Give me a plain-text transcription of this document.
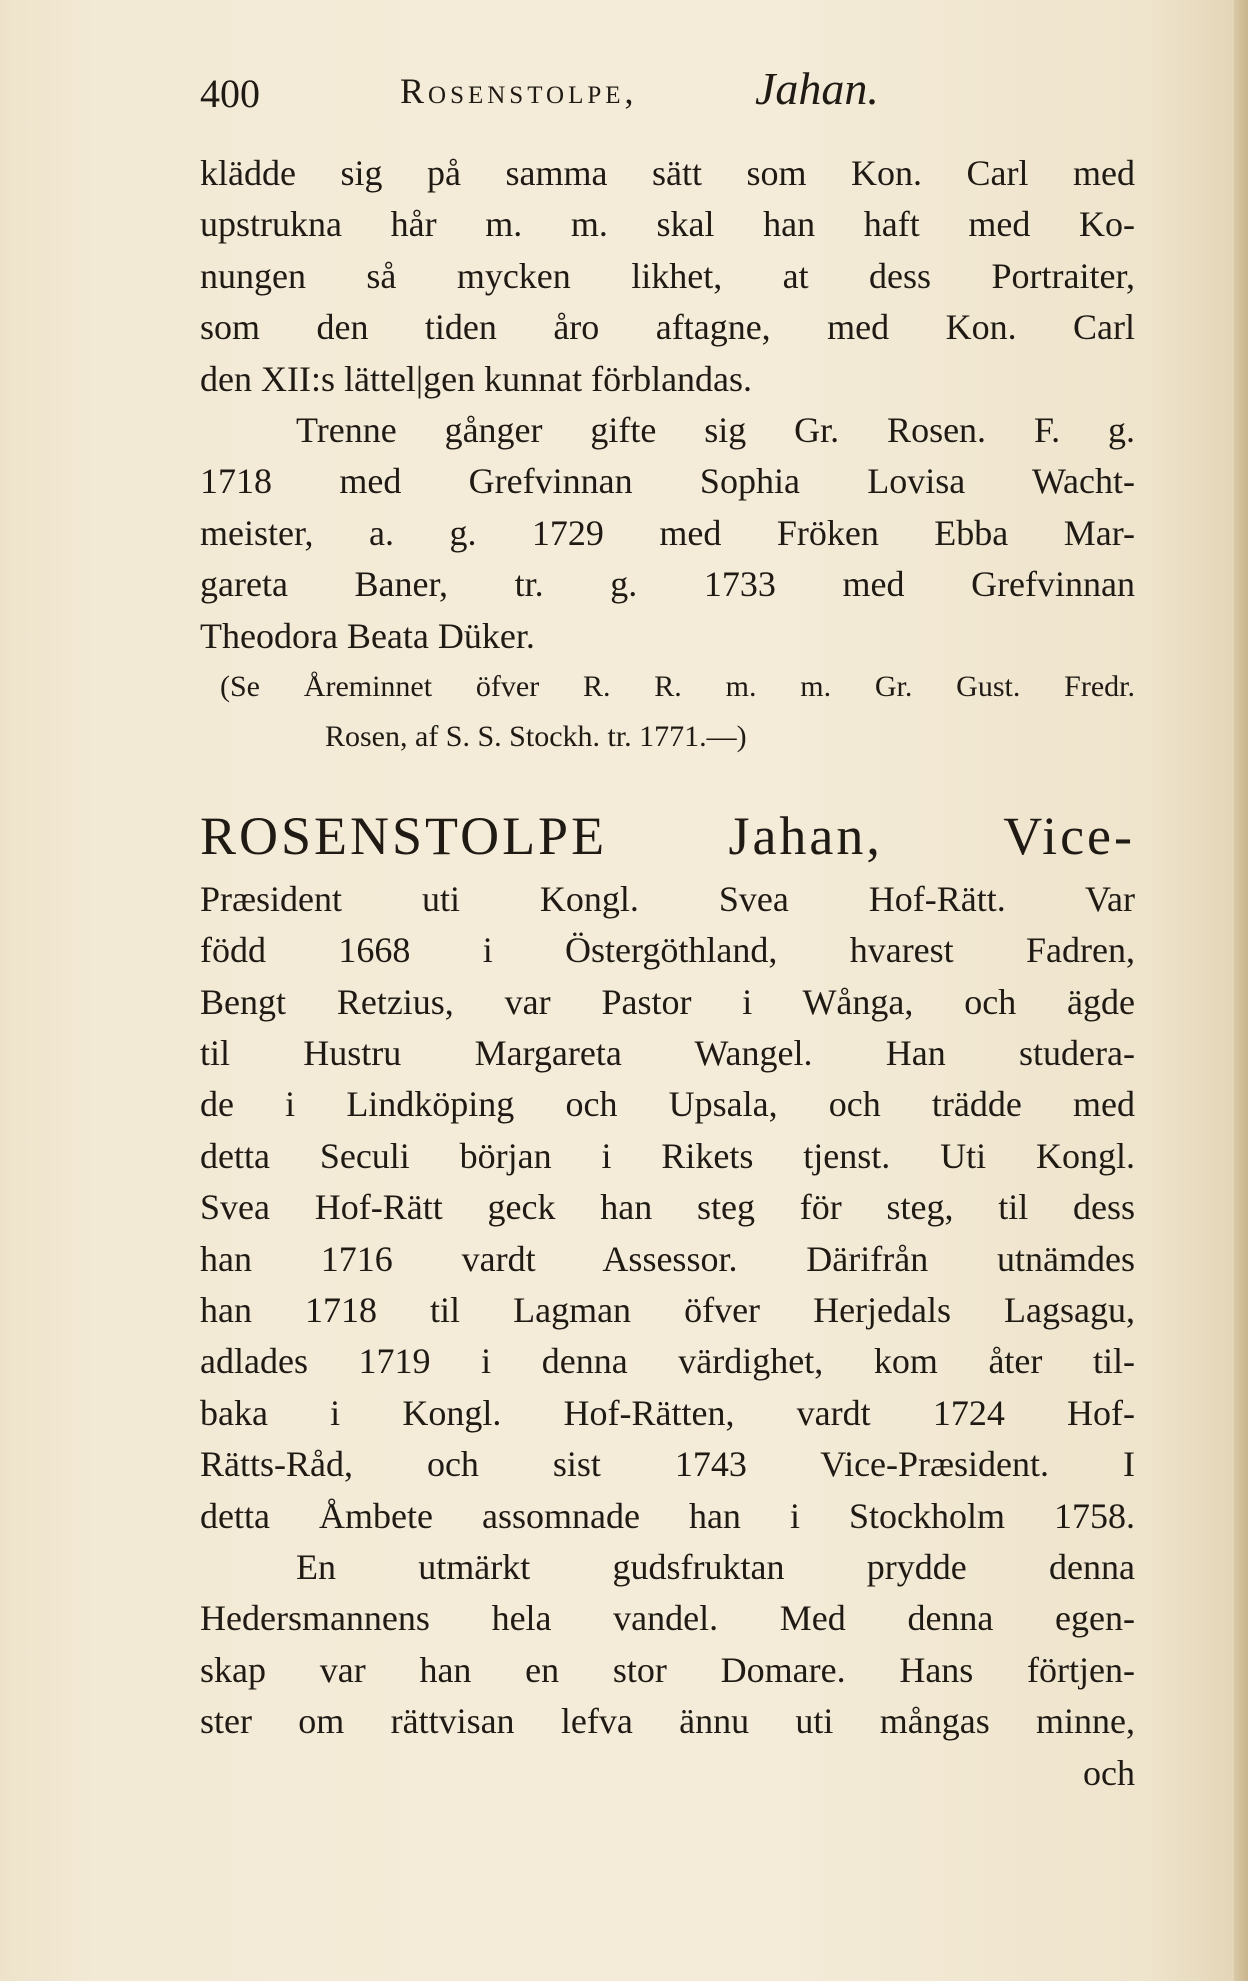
400	Rosenstolpe,	Jahan.
klädde sig på samma sätt som Kon. Carl med
upstrukna hår m. m. skal han haft med Ko-
nungen så mycken likhet, at dess Portraiter,
som den tiden åro aftagne, med Kon. Carl
den XII:s lättel|gen kunnat förblandas.
Trenne gånger gifte sig Gr. Rosen. F. g.
1718 med Grefvinnan Sophia Lovisa Wacht-
meister, a. g. 1729 med Fröken Ebba Mar-
gareta Baner, tr. g. 1733 med Grefvinnan
Theodora Beata Düker.
(Se Åreminnet öfver R. R. m. m. Gr. Gust. Fredr.
Rosen, af S. S. Stockh. tr. 1771.—)
ROSENSTOLPE Jahan, Vice-
Præsident uti Kongl. Svea Hof-Rätt. Var
född 1668 i Östergöthland, hvarest Fadren,
Bengt Retzius, var Pastor i Wånga, och ägde
til Hustru Margareta Wangel. Han studera-
de i Lindköping och Upsala, och trädde med
detta Seculi början i Rikets tjenst. Uti Kongl.
Svea Hof-Rätt geck han steg för steg, til dess
han 1716 vardt Assessor. Därifrån utnämdes
han 1718 til Lagman öfver Herjedals Lagsagu,
adlades 1719 i denna värdighet, kom åter til-
baka i Kongl. Hof-Rätten, vardt 1724 Hof-
Rätts-Råd, och sist 1743 Vice-Præsident. I
detta Åmbete assomnade han i Stockholm 1758.
En utmärkt gudsfruktan prydde denna
Hedersmannens hela vandel. Med denna egen-
skap var han en stor Domare. Hans förtjen-
ster om rättvisan lefva ännu uti mångas minne,
och
